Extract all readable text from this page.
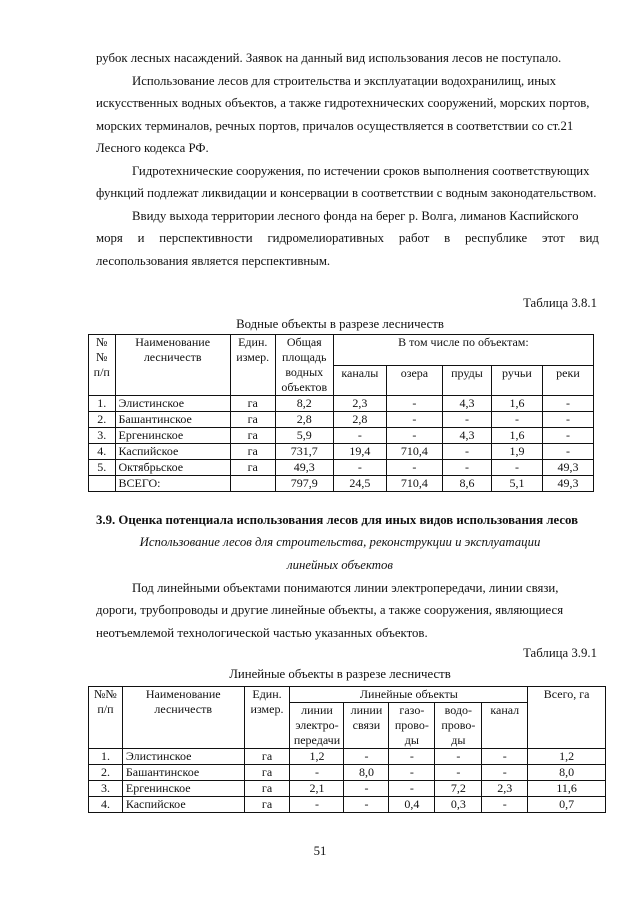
рубок лесных насаждений. Заявок на данный вид использования лесов не поступало.
Использование лесов для строительства и эксплуатации водохранилищ, иных
искусственных водных объектов, а также гидротехнических сооружений, морских портов,
морских терминалов, речных портов, причалов осуществляется в соответствии со ст.21
Лесного кодекса РФ.
Гидротехнические сооружения, по истечении сроков выполнения соответствующих
функций подлежат ликвидации и консервации в соответствии с водным законодательством.
Ввиду выхода территории лесного фонда на берег р. Волга, лиманов Каспийского
моря и перспективности гидромелиоративных работ в республике этот вид
лесопользования является перспективным.
Таблица 3.8.1
Водные объекты в разрезе лесничеств
№№ п/п	Наименование лесничеств	Един. измер.	Общая площадь водных объектов	В том числе по объектам:				
				каналы	озера	пруды	ручьи	реки
1.	Элистинское	га	8,2	2,3	-	4,3	1,6	-
2.	Башантинское	га	2,8	2,8	-	-	-	-
3.	Ергенинское	га	5,9	-	-	4,3	1,6	-
4.	Каспийское	га	731,7	19,4	710,4	-	1,9	-
5.	Октябрьское	га	49,3	-	-	-	-	49,3
	ВСЕГО:		797,9	24,5	710,4	8,6	5,1	49,3
3.9. Оценка потенциала использования лесов для иных видов использования лесов
Использование лесов для строительства, реконструкции и эксплуатации
линейных объектов
Под линейными объектами понимаются линии электропередачи, линии связи,
дороги, трубопроводы и другие линейные объекты, а также сооружения, являющиеся
неотъемлемой технологической частью указанных объектов.
Таблица 3.9.1
Линейные объекты в разрезе лесничеств
№№ п/п	Наименование лесничеств	Един. измер.	Линейные объекты					Всего, га
			линии электро- передачи	линии связи	газо- прово- ды	водо- прово- ды	канал	
1.	Элистинское	га	1,2	-	-	-	-	1,2
2.	Башантинское	га	-	8,0	-	-	-	8,0
3.	Ергенинское	га	2,1	-	-	7,2	2,3	11,6
4.	Каспийское	га	-	-	0,4	0,3	-	0,7
51
